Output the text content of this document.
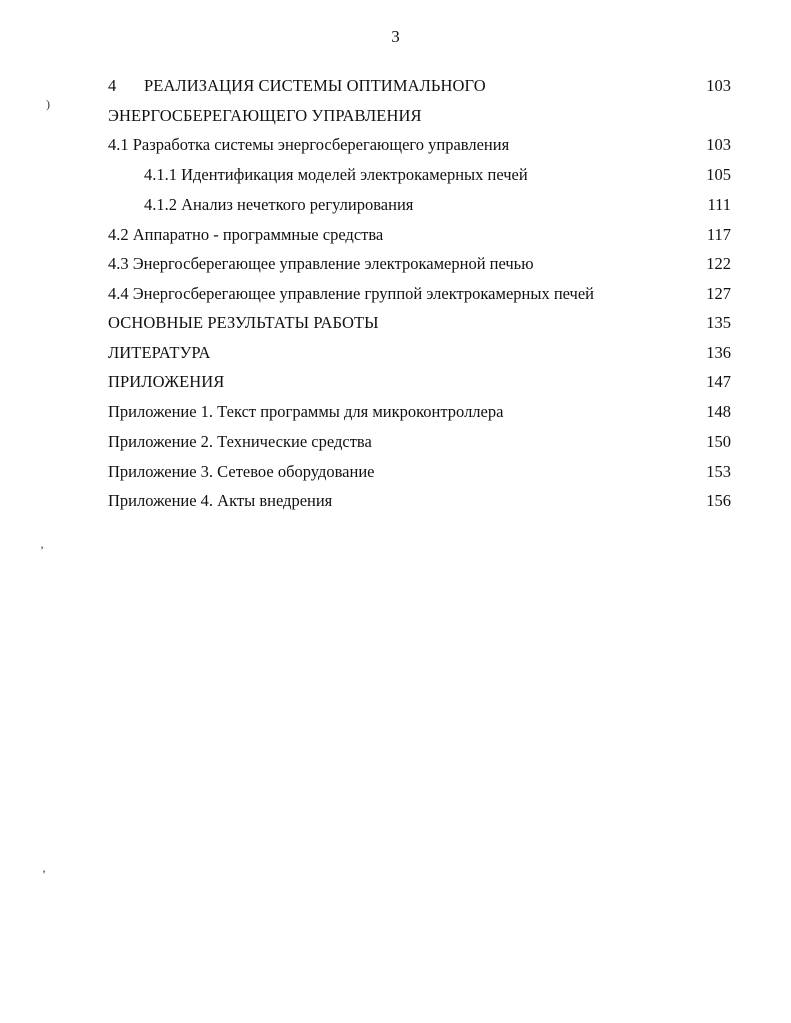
3
4 РЕАЛИЗАЦИЯ СИСТЕМЫ ОПТИМАЛЬНОГО	103
ЭНЕРГОСБЕРЕГАЮЩЕГО УПРАВЛЕНИЯ
4.1 Разработка системы энергосберегающего управления	103
4.1.1 Идентификация моделей электрокамерных печей	105
4.1.2 Анализ нечеткого регулирования	111
4.2 Аппаратно - программные средства	117
4.3 Энергосберегающее управление электрокамерной печью	122
4.4 Энергосберегающее управление группой электрокамерных печей	127
ОСНОВНЫЕ РЕЗУЛЬТАТЫ РАБОТЫ	135
ЛИТЕРАТУРА	136
ПРИЛОЖЕНИЯ	147
Приложение 1. Текст программы для микроконтроллера	148
Приложение 2. Технические средства	150
Приложение 3. Сетевое оборудование	153
Приложение 4. Акты внедрения	156
)
’
’
